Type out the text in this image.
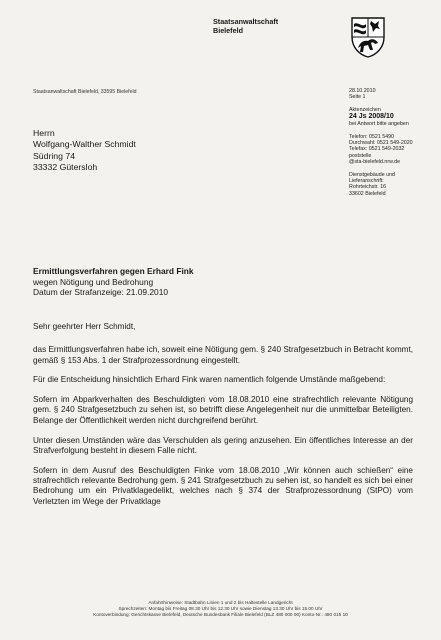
Staatsanwaltschaft
Bielefeld
Staatsanwaltschaft Bielefeld, 33595 Bielefeld	28.10.2010
Seite 1
Aktenzeichen
24 Js 2008/10
bei Antwort bitte angeben
Telefon: 0521 5490
Durchwahl: 0521 549-2020
Telefax: 0521 549-2032
poststelle
@sta-bielefeld.nrw.de
Dienstgebäude und
Lieferanschrift:
Rohrteichstr. 16
33602 Bielefeld
Herrn
Wolfgang-Walther Schmidt
Südring 74
33332 Gütersloh
Ermittlungsverfahren gegen Erhard Fink
wegen Nötigung und Bedrohung
Datum der Strafanzeige: 21.09.2010

Sehr geehrter Herr Schmidt,

das Ermittlungsverfahren habe ich, soweit eine Nötigung gem. § 240 Strafgesetzbuch in Betracht kommt, gemäß § 153 Abs. 1 der Strafprozessordnung eingestellt.

Für die Entscheidung hinsichtlich Erhard Fink waren namentlich folgende Umstände maßgebend:

Sofern im Abparkverhalten des Beschuldigten vom 18.08.2010 eine strafrechtlich relevante Nötigung gem. § 240 Strafgesetzbuch zu sehen ist, so betrifft diese Angelegenheit nur die unmittelbar Beteiligten. Belange der Öffentlichkeit werden nicht durchgreifend berührt.

Unter diesen Umständen wäre das Verschulden als gering anzusehen. Ein öffentliches Interesse an der Strafverfolgung besteht in diesem Falle nicht.

Sofern in dem Ausruf des Beschuldigten Finke vom 18.08.2010 „Wir können auch schießen“ eine strafrechtlich relevante Bedrohung gem. § 241 Strafgesetzbuch zu sehen ist, so handelt es sich bei einer Bedrohung um ein Privatklagedelikt, welches nach § 374 der Strafprozessordnung (StPO) vom Verletzten im Wege der Privatklage

Anfahrthinweise: Stadtbahn Linien 1 und 2 bis Haltestelle Landgericht
Sprechzeiten: Montag bis Freitag 08.30 Uhr bis 12.30 Uhr sowie Dienstag 13.30 Uhr bis 15.00 Uhr
Kontoverbindung: Gerichtskasse Bielefeld, Deutsche Bundesbank Filiale Bielefeld (BLZ 480 000 00) Konto-Nr.: 480 015 10
